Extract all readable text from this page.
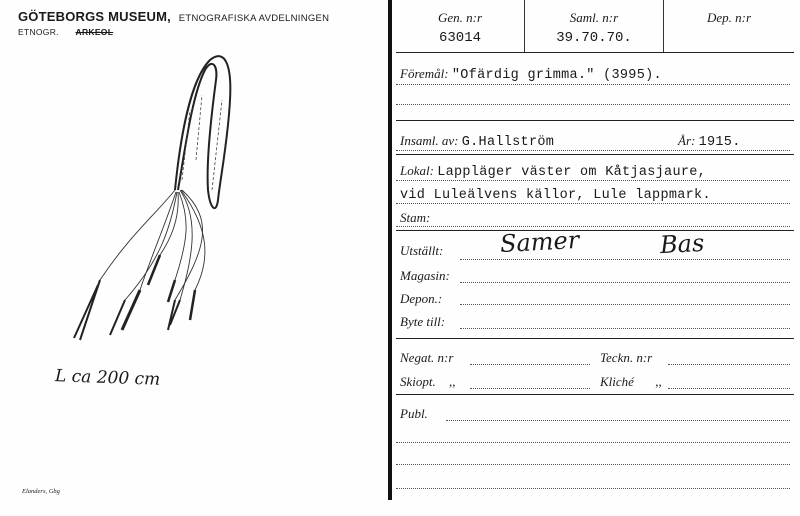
GÖTEBORGS MUSEUM, ETNOGRAFISKA AVDELNINGEN
ETNOGR. ARKEOL
L ca 200 cm
Elanders, Gbg
Gen. n:r
63014
Saml. n:r
39.70.70.
Dep. n:r
Föremål: "Ofärdig grimma." (3995).
Insaml. av: G.Hallström	År: 1915.
Lokal: Lappläger väster om Kåtjasjaure,
vid Luleälvens källor, Lule lappmark.
Stam:
Utställt: Samer	Bas
Magasin:
Depon.:
Byte till:
Negat. n:r	Teckn. n:r
Skiopt. ,,	Kliché ,,
Publ.
